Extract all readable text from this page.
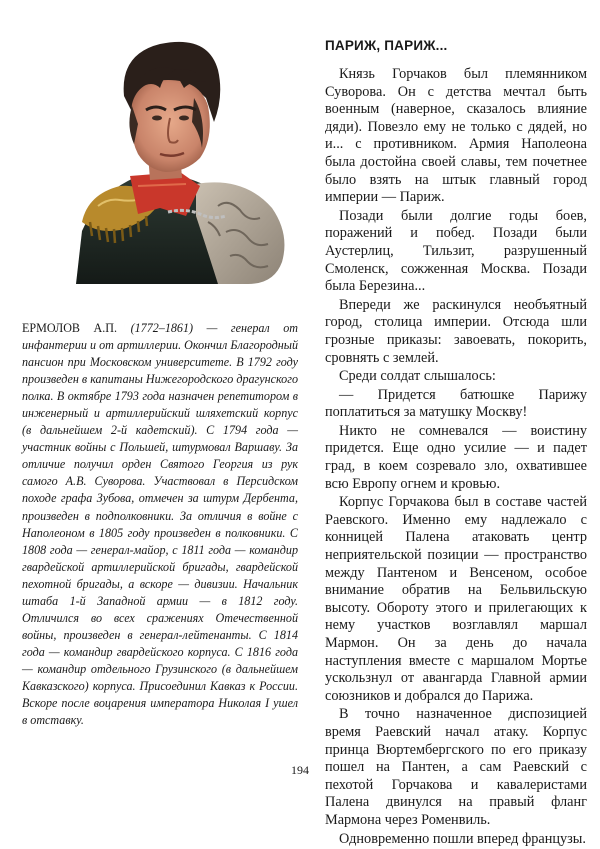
ЕРМОЛОВ А.П. (1772–1861) — генерал от инфантерии и от артиллерии. Окончил Благородный пансион при Московском университете. В 1792 году произведен в капитаны Нижегородского драгунского полка. В октябре 1793 года назначен репетитором в инженерный и артиллерийский шляхетский корпус (в дальнейшем 2-й кадетский). С 1794 года — участник войны с Польшей, штурмовал Варшаву. За отличие получил орден Святого Георгия из рук самого А.В. Суворова. Участвовал в Персидском походе графа Зубова, отмечен за штурм Дербента, произведен в подполковники. За отличия в войне с Наполеоном в 1805 году произведен в полковники. С 1808 года — генерал-майор, с 1811 года — командир гвардейской артиллерийской бригады, гвардейской пехотной бригады, а вскоре — дивизии. Начальник штаба 1-й Западной армии — в 1812 году. Отличился во всех сражениях Отечественной войны, произведен в генерал-лейтенанты. С 1814 года — командир гвардейского корпуса. С 1816 года — командир отдельного Грузинского (в дальнейшем Кавказского) корпуса. Присоединил Кавказ к России. Вскоре после воцарения императора Николая I ушел в отставку.

ПАРИЖ, ПАРИЖ...

Князь Горчаков был племянником Суворова. Он с детства мечтал быть военным (наверное, сказалось влияние дяди). Повезло ему не только с дядей, но и... с противником. Армия Наполеона была достойна своей славы, тем почетнее было взять на штык главный город империи — Париж.

Позади были долгие годы боев, поражений и побед. Позади были Аустерлиц, Тильзит, разрушенный Смоленск, сожженная Москва. Позади была Березина...

Впереди же раскинулся необъятный город, столица империи. Отсюда шли грозные приказы: завоевать, покорить, сровнять с землей.

Среди солдат слышалось:

— Придется батюшке Парижу поплатиться за матушку Москву!

Никто не сомневался — воистину придется. Еще одно усилие — и падет град, в коем созревало зло, охватившее всю Европу огнем и кровью.

Корпус Горчакова был в составе частей Раевского. Именно ему надлежало с конницей Палена атаковать центр неприятельской позиции — пространство между Пантеном и Венсеном, особое внимание обратив на Бельвильскую высоту. Обороту этого и прилегающих к нему участков возглавлял маршал Мармон. Он за день до начала наступления вместе с маршалом Мортье ускользнул от авангарда Главной армии союзников и добрался до Парижа.

В точно назначенное диспозицией время Раевский начал атаку. Корпус принца Вюртембергского по его приказу пошел на Пантен, а сам Раевский с пехотой Горчакова и кавалеристами Палена двинулся на правый фланг Мармона через Роменвиль.

Одновременно пошли вперед французы.

194
